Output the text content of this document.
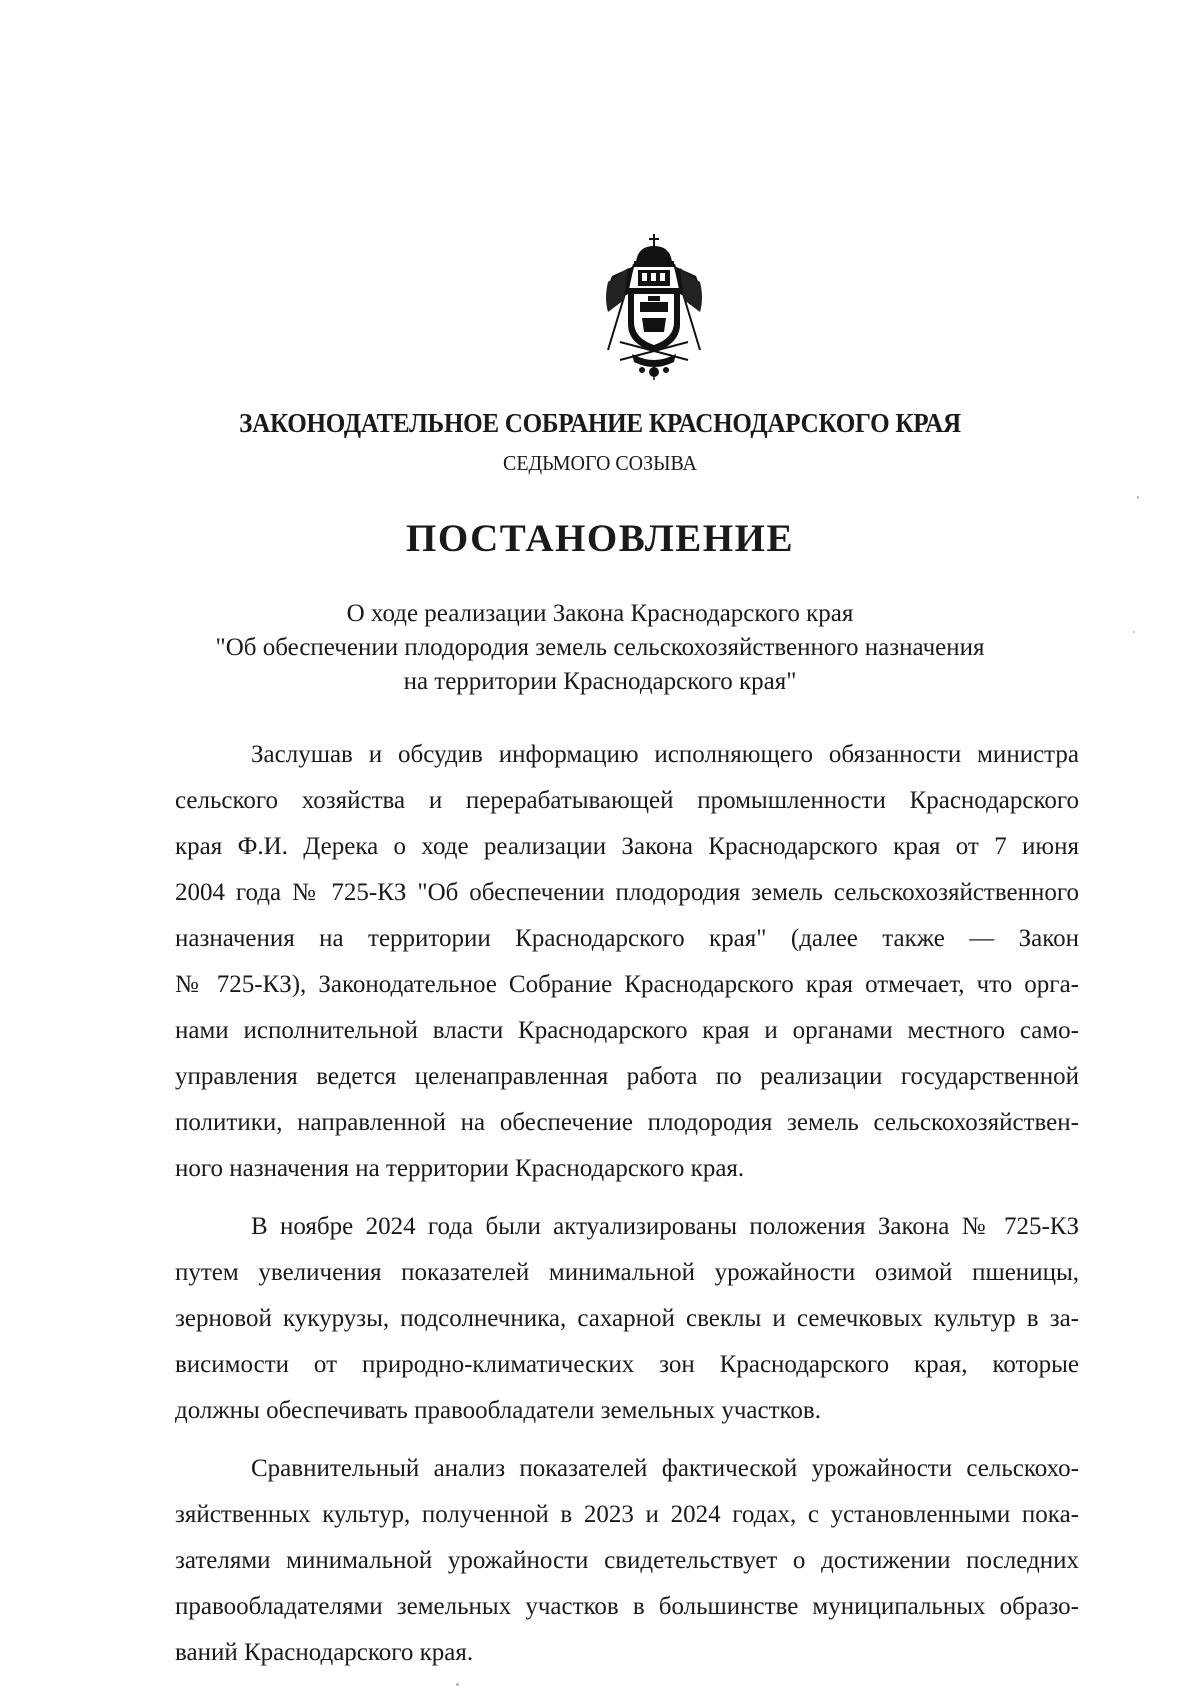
ЗАКОНОДАТЕЛЬНОЕ СОБРАНИЕ КРАСНОДАРСКОГО КРАЯ
СЕДЬМОГО СОЗЫВА
ПОСТАНОВЛЕНИЕ
О ходе реализации Закона Краснодарского края
"Об обеспечении плодородия земель сельскохозяйственного назначения
на территории Краснодарского края"

Заслушав и обсудив информацию исполняющего обязанности министра
сельского хозяйства и перерабатывающей промышленности Краснодарского
края Ф.И. Дерека о ходе реализации Закона Краснодарского края от 7 июня
2004 года № 725-КЗ "Об обеспечении плодородия земель сельскохозяйственного
назначения на территории Краснодарского края" (далее также — Закон
№ 725-КЗ), Законодательное Собрание Краснодарского края отмечает, что орга-
нами исполнительной власти Краснодарского края и органами местного само-
управления ведется целенаправленная работа по реализации государственной
политики, направленной на обеспечение плодородия земель сельскохозяйствен-
ного назначения на территории Краснодарского края.

В ноябре 2024 года были актуализированы положения Закона № 725-КЗ
путем увеличения показателей минимальной урожайности озимой пшеницы,
зерновой кукурузы, подсолнечника, сахарной свеклы и семечковых культур в за-
висимости от природно-климатических зон Краснодарского края, которые
должны обеспечивать правообладатели земельных участков.

Сравнительный анализ показателей фактической урожайности сельскохо-
зяйственных культур, полученной в 2023 и 2024 годах, с установленными пока-
зателями минимальной урожайности свидетельствует о достижении последних
правообладателями земельных участков в большинстве муниципальных образо-
ваний Краснодарского края.
